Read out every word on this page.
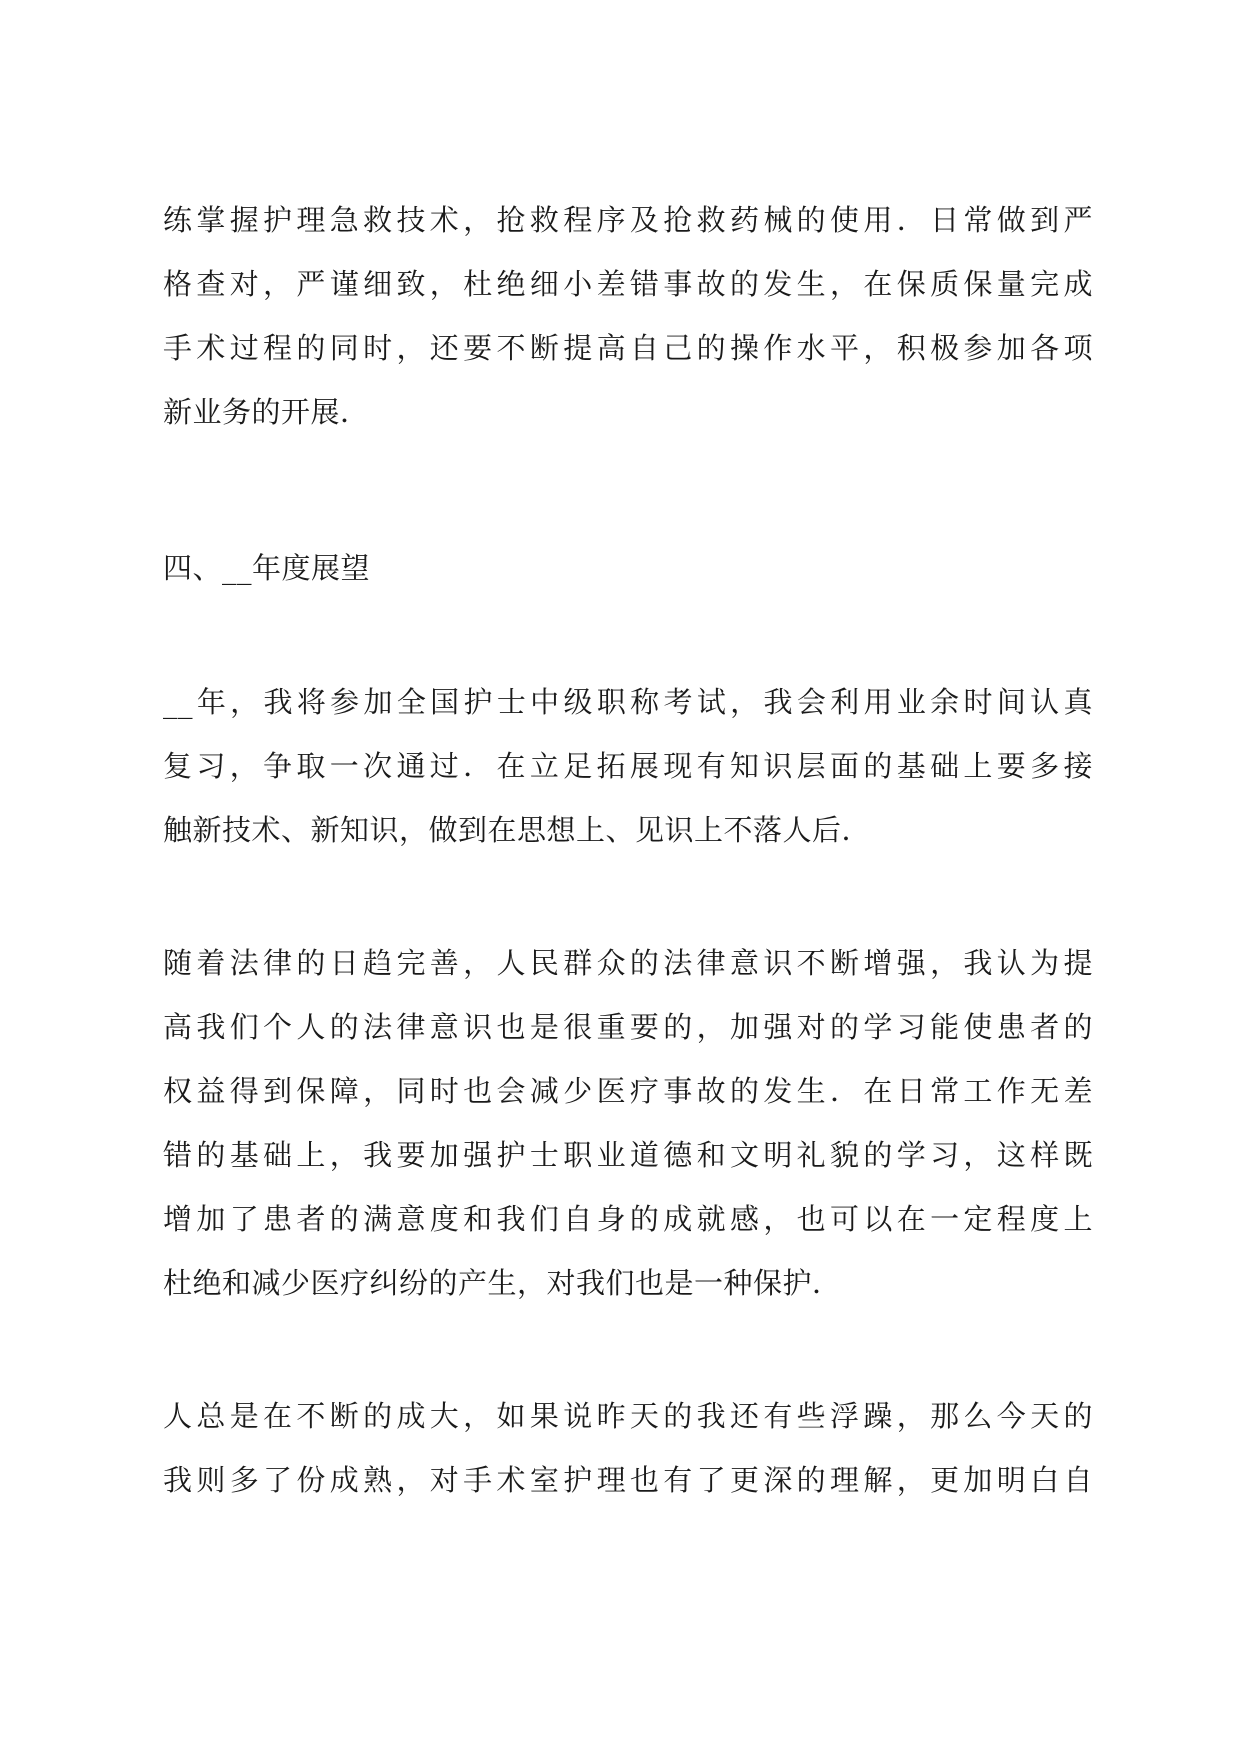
练掌握护理急救技术，抢救程序及抢救药械的使用．日常做到严
格查对，严谨细致，杜绝细小差错事故的发生，在保质保量完成
手术过程的同时，还要不断提高自己的操作水平，积极参加各项
新业务的开展．
四、__年度展望
__年，我将参加全国护士中级职称考试，我会利用业余时间认真
复习，争取一次通过．在立足拓展现有知识层面的基础上要多接
触新技术、新知识，做到在思想上、见识上不落人后．
随着法律的日趋完善，人民群众的法律意识不断增强，我认为提
高我们个人的法律意识也是很重要的，加强对的学习能使患者的
权益得到保障，同时也会减少医疗事故的发生．在日常工作无差
错的基础上，我要加强护士职业道德和文明礼貌的学习，这样既
增加了患者的满意度和我们自身的成就感，也可以在一定程度上
杜绝和减少医疗纠纷的产生，对我们也是一种保护．
人总是在不断的成大，如果说昨天的我还有些浮躁，那么今天的
我则多了份成熟，对手术室护理也有了更深的理解，更加明白自
